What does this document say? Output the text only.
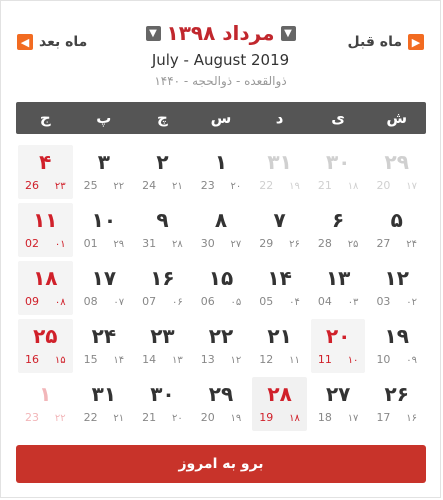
▶
ماه قبل
▼
مرداد ۱۳۹۸
▼
July - August 2019
ذوالقعده - ذوالحجه - ۱۴۴۰
◀ ماه بعد
ش
ی
د
س
چ
پ
ج
۲۹
20 ۱۷
۳۰
21 ۱۸
۳۱
22 ۱۹
۱
23 ۲۰
۲
24 ۲۱
۳
25 ۲۲
۴
26 ۲۳
۵
27 ۲۴
۶
28 ۲۵
۷
29 ۲۶
۸
30 ۲۷
۹
31 ۲۸
۱۰
01 ۲۹
۱۱
02 ۰۱
۱۲
03 ۰۲
۱۳
04 ۰۳
۱۴
05 ۰۴
۱۵
06 ۰۵
۱۶
07 ۰۶
۱۷
08 ۰۷
۱۸
09 ۰۸
۱۹
10 ۰۹
۲۰
11 ۱۰
۲۱
12 ۱۱
۲۲
13 ۱۲
۲۳
14 ۱۳
۲۴
15 ۱۴
۲۵
16 ۱۵
۲۶
17 ۱۶
۲۷
18 ۱۷
۲۸
19 ۱۸
۲۹
20 ۱۹
۳۰
21 ۲۰
۳۱
22 ۲۱
۱
23 ۲۲
برو به امروز
